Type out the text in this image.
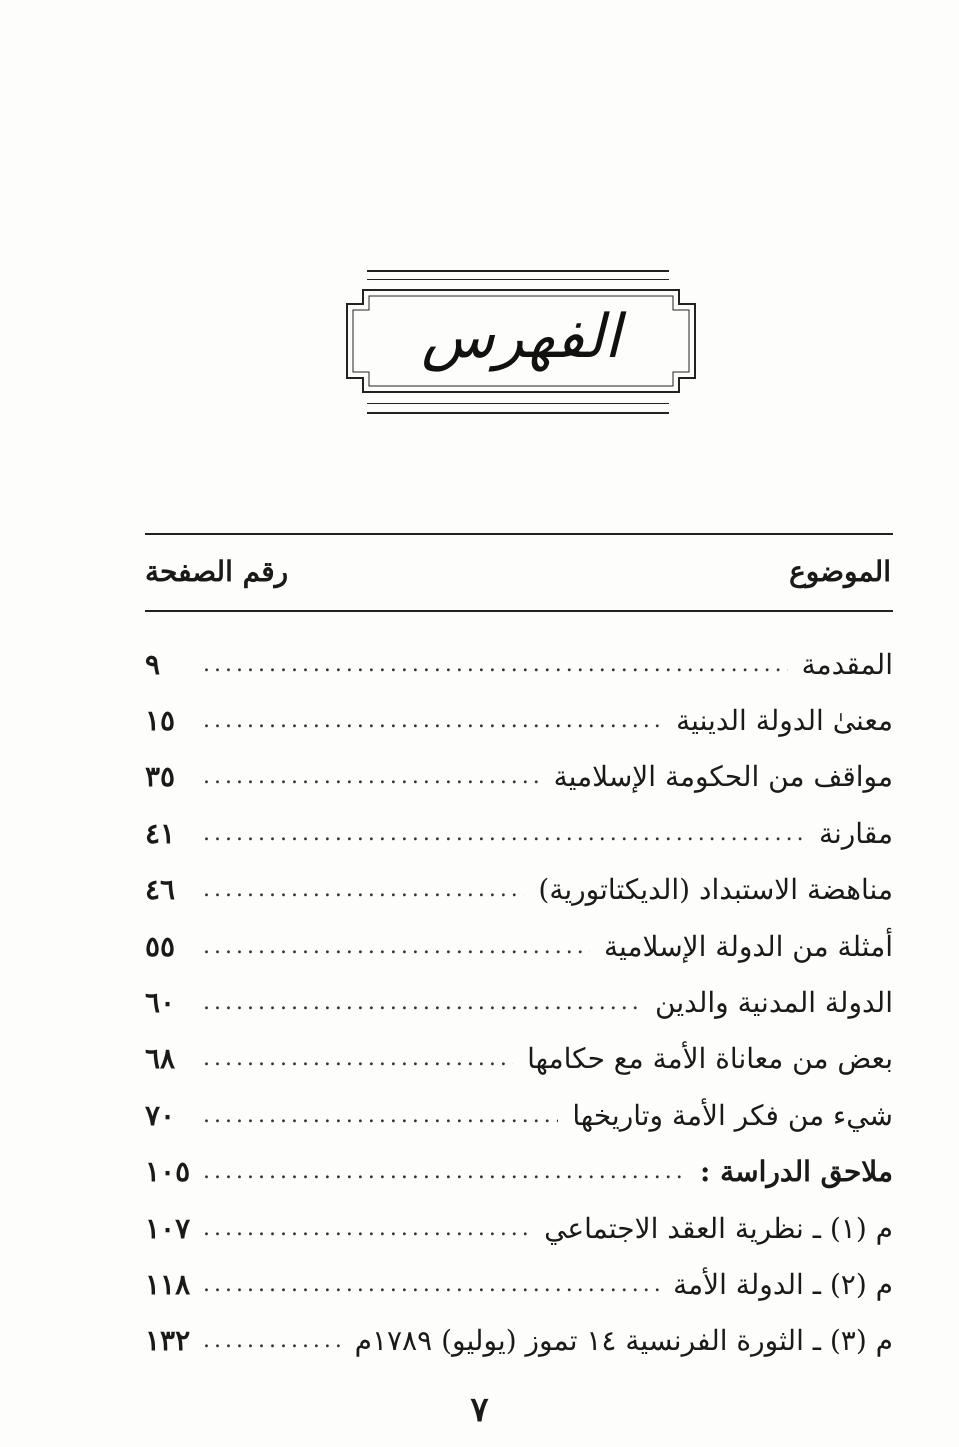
الفهرس
الموضوع
رقم الصفحة
المقدمة
.....
٩
معنىٰ الدولة الدينية
.....
١٥
مواقف من الحكومة الإسلامية
.....
٣٥
مقارنة
.....
٤١
مناهضة الاستبداد (الديكتاتورية)
.....
٤٦
أمثلة من الدولة الإسلامية
.....
٥٥
الدولة المدنية والدين
.....
٦٠
بعض من معاناة الأمة مع حكامها
.....
٦٨
شيء من فكر الأمة وتاريخها
.....
٧٠
ملاحق الدراسة :
.....
١٠٥
م (١) ـ نظرية العقد الاجتماعي
.....
١٠٧
م (٢) ـ الدولة الأمة
.....
١١٨
م (٣) ـ الثورة الفرنسية ١٤ تموز (يوليو) ١٧٨٩م
.....
١٣٢
٧
